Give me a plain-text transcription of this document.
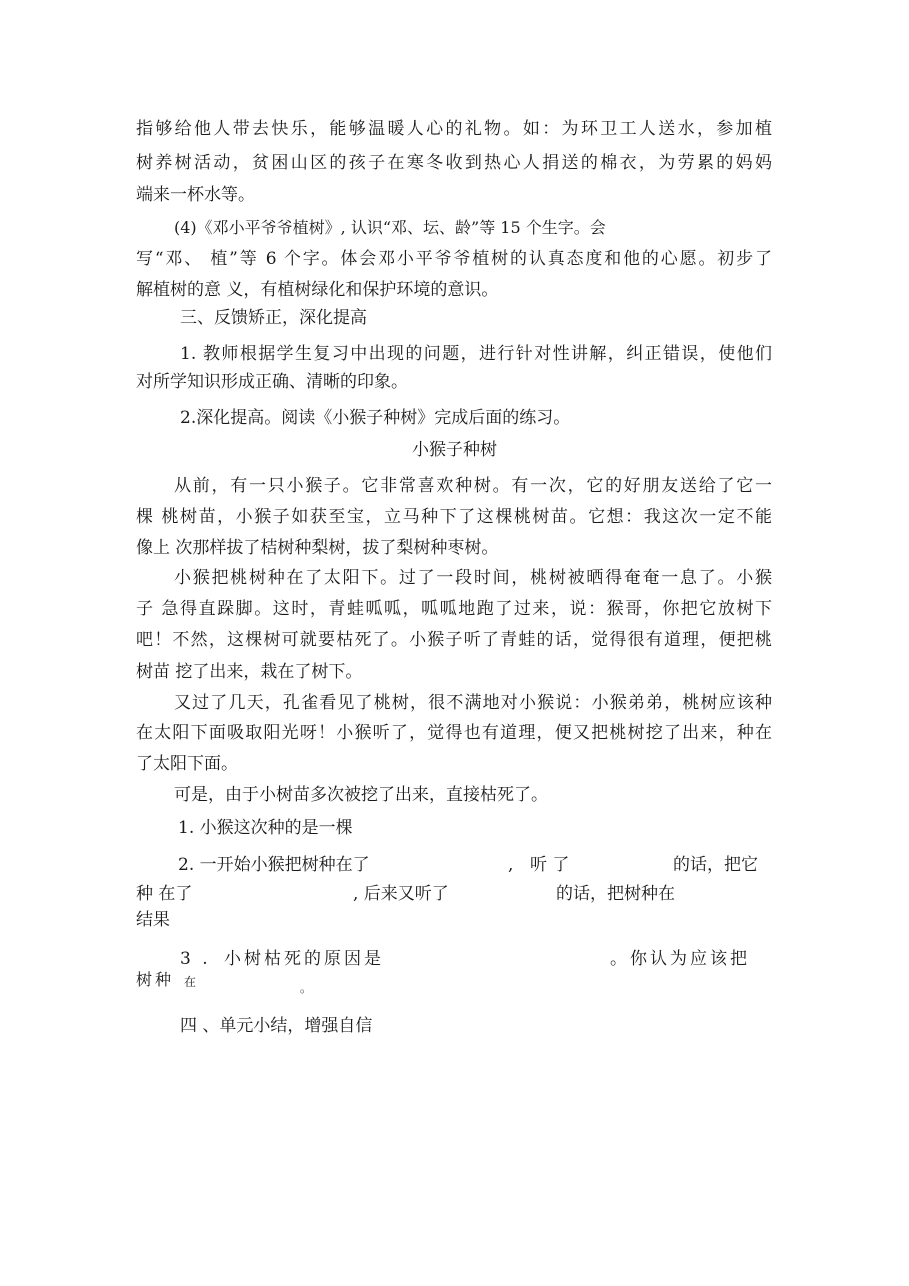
指够给他人带去快乐，能够温暖人心的礼物。如：为环卫工人送水，参加植
树养树活动，贫困山区的孩子在寒冬收到热心人捐送的棉衣，为劳累的妈妈
端来一杯水等。
(4)《邓小平爷爷植树》, 认识“邓、坛、龄”等 15 个生字。会
写“邓、 植”等 6 个字。体会邓小平爷爷植树的认真态度和他的心愿。初步了
解植树的意 义，有植树绿化和保护环境的意识。
三、反馈矫正，深化提高
1. 教师根据学生复习中出现的问题，进行针对性讲解，纠正错误，使他们
对所学知识形成正确、清晰的印象。
2.深化提高。阅读《小猴子种树》完成后面的练习。
小猴子种树
从前，有一只小猴子。它非常喜欢种树。有一次，它的好朋友送给了它一
棵 桃树苗，小猴子如获至宝，立马种下了这棵桃树苗。它想：我这次一定不能
像上 次那样拔了桔树种梨树，拔了梨树种枣树。
小猴把桃树种在了太阳下。过了一段时间，桃树被晒得奄奄一息了。小猴
子 急得直跺脚。这时，青蛙呱呱，呱呱地跑了过来，说：猴哥，你把它放树下
吧！不然，这棵树可就要枯死了。小猴子听了青蛙的话，觉得很有道理，便把桃
树苗 挖了出来，栽在了树下。
又过了几天，孔雀看见了桃树，很不满地对小猴说：小猴弟弟，桃树应该种
在太阳下面吸取阳光呀！小猴听了，觉得也有道理，便又把桃树挖了出来，种在
了太阳下面。
可是，由于小树苗多次被挖了出来，直接枯死了。
1. 小猴这次种的是一棵
2. 一开始小猴把树种在了	, 听 了	的话，把它
种 在了	, 后来又听了	的话，把树种在
结果
3 . 小树枯死的原因是	。你认为应该把
树种 在	。
四 、单元小结，增强自信
